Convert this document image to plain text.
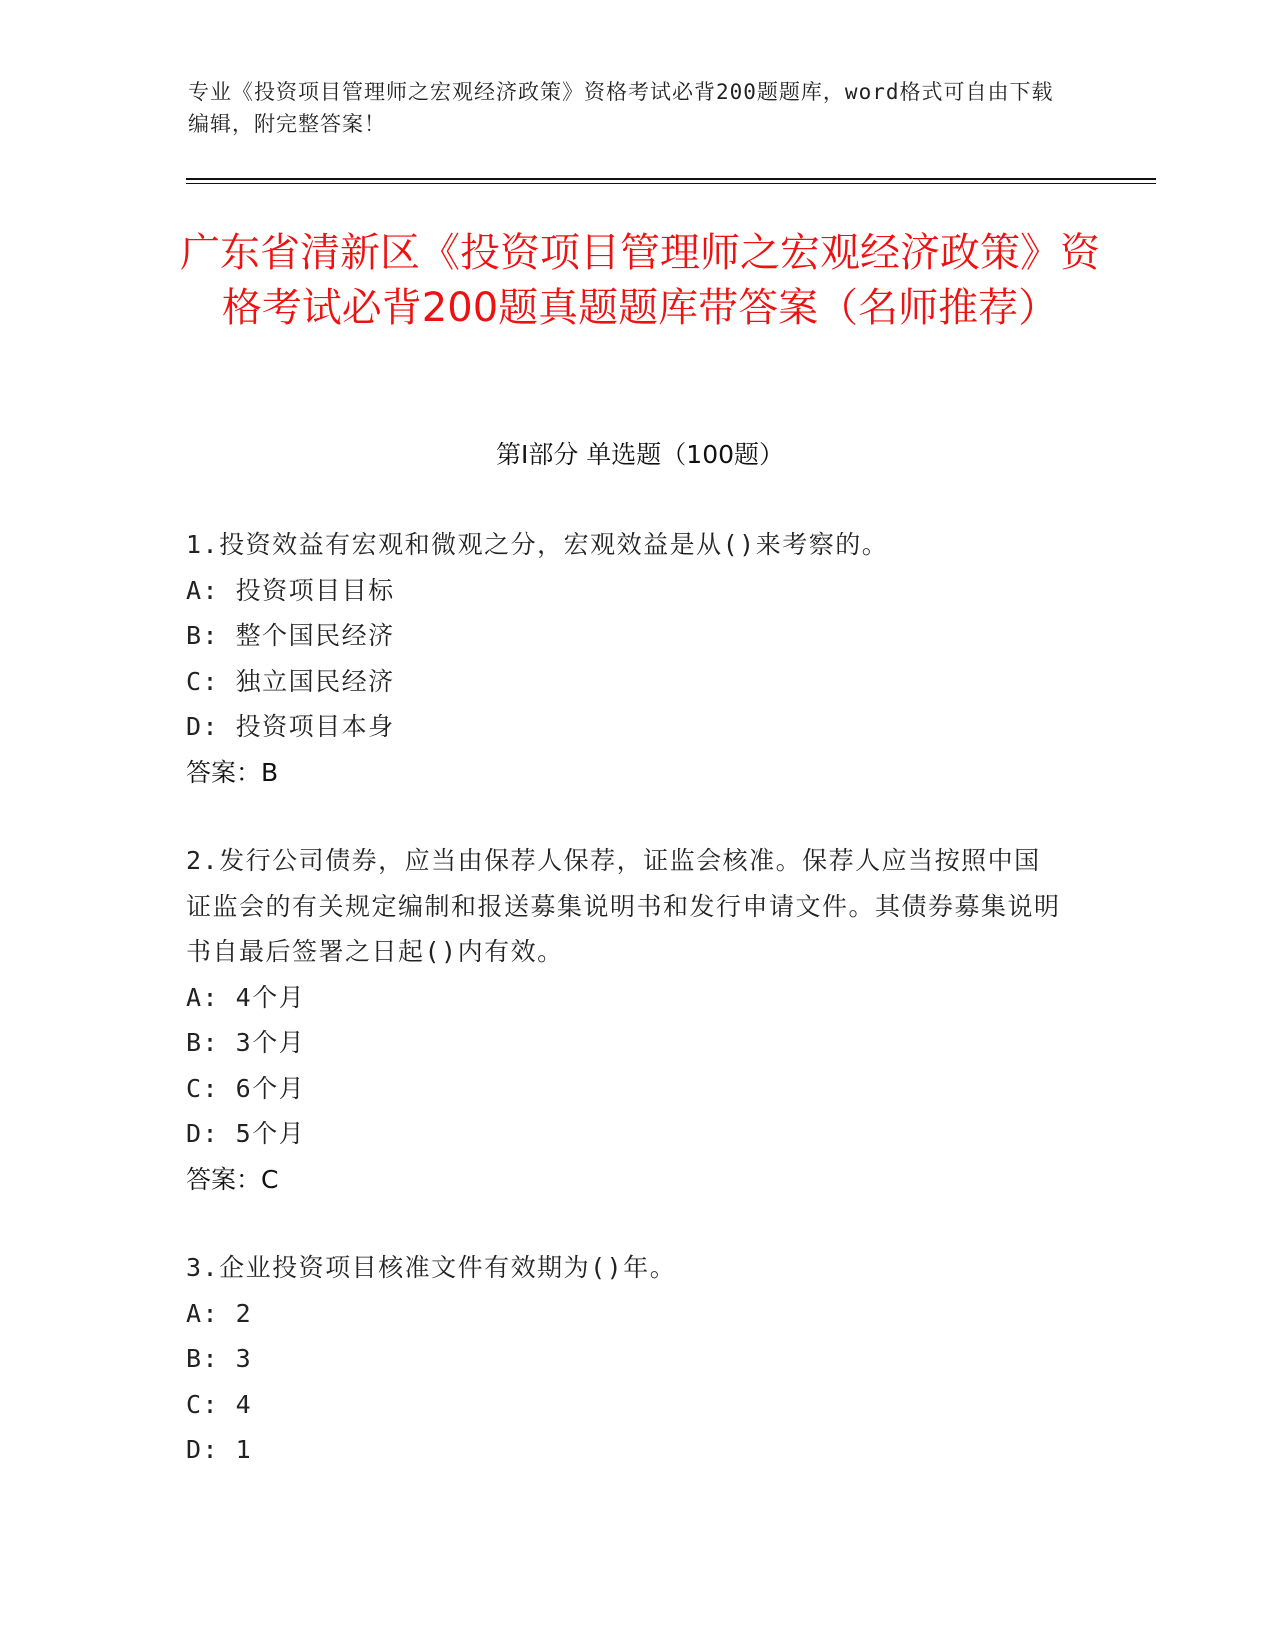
专业《投资项目管理师之宏观经济政策》资格考试必背200题题库，word格式可自由下载编辑，附完整答案！
广东省清新区《投资项目管理师之宏观经济政策》资格考试必背200题真题题库带答案（名师推荐）
第Ⅰ部分 单选题（100题）
1.投资效益有宏观和微观之分，宏观效益是从()来考察的。
A: 投资项目目标
B: 整个国民经济
C: 独立国民经济
D: 投资项目本身
答案：B
2.发行公司债券，应当由保荐人保荐，证监会核准。保荐人应当按照中国证监会的有关规定编制和报送募集说明书和发行申请文件。其债券募集说明书自最后签署之日起()内有效。
A: 4个月
B: 3个月
C: 6个月
D: 5个月
答案：C
3.企业投资项目核准文件有效期为()年。
A: 2
B: 3
C: 4
D: 1
